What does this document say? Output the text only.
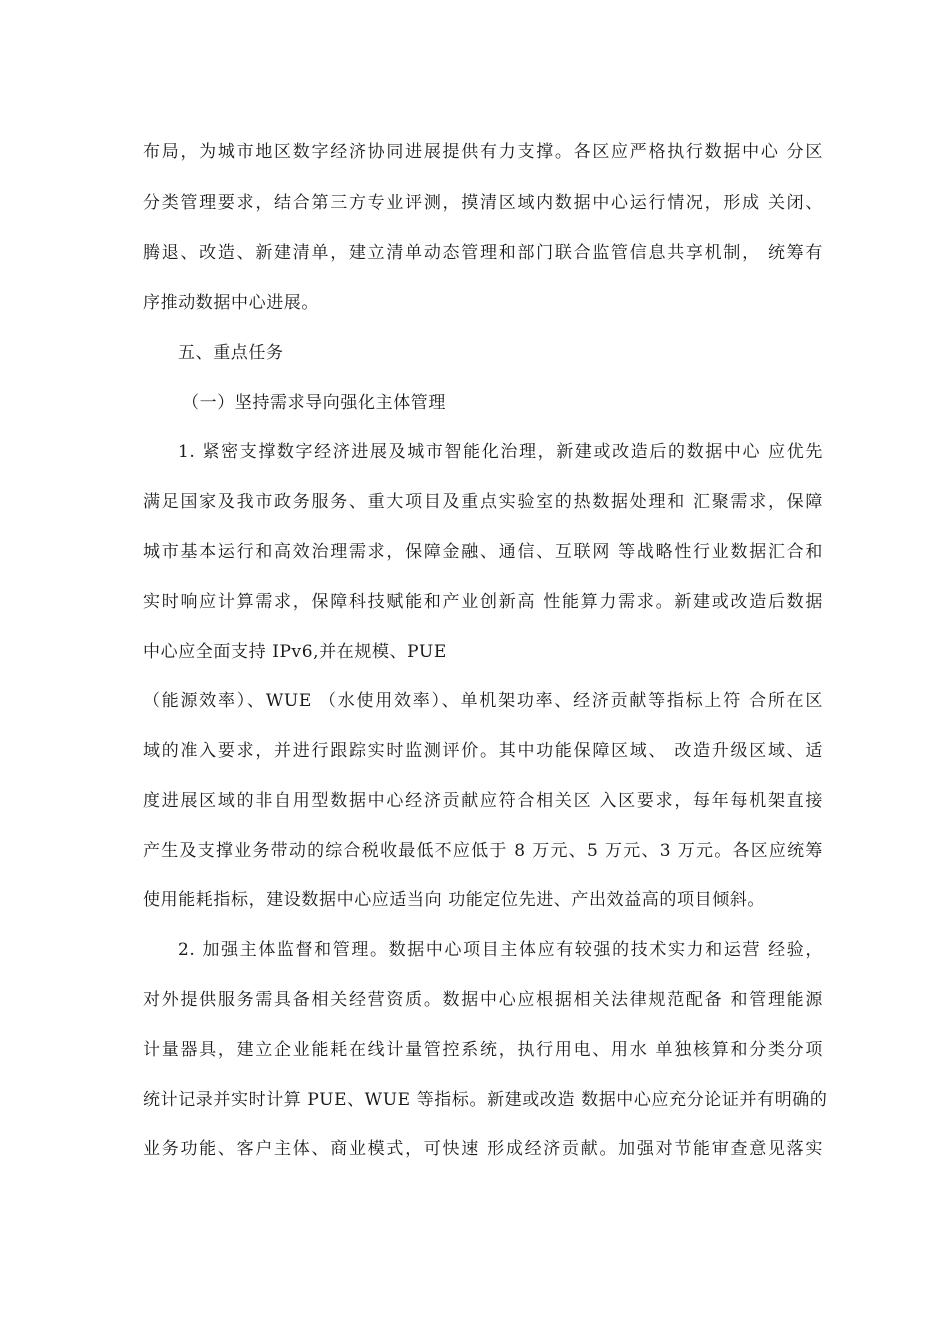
布局，为城市地区数字经济协同进展提供有力支撑。各区应严格执行数据中心 分区
分类管理要求，结合第三方专业评测，摸清区域内数据中心运行情况，形成 关闭、
腾退、改造、新建清单，建立清单动态管理和部门联合监管信息共享机制， 统筹有
序推动数据中心进展。
五、重点任务
（一）坚持需求导向强化主体管理
1. 紧密支撑数字经济进展及城市智能化治理，新建或改造后的数据中心 应优先
满足国家及我市政务服务、重大项目及重点实验室的热数据处理和 汇聚需求，保障
城市基本运行和高效治理需求，保障金融、通信、互联网 等战略性行业数据汇合和
实时响应计算需求，保障科技赋能和产业创新高 性能算力需求。新建或改造后数据
中心应全面支持 IPv6,并在规模、PUE
（能源效率）、WUE （水使用效率）、单机架功率、经济贡献等指标上符 合所在区
域的准入要求，并进行跟踪实时监测评价。其中功能保障区域、 改造升级区域、适
度进展区域的非自用型数据中心经济贡献应符合相关区 入区要求，每年每机架直接
产生及支撑业务带动的综合税收最低不应低于 8 万元、5 万元、3 万元。各区应统筹
使用能耗指标，建设数据中心应适当向 功能定位先进、产出效益高的项目倾斜。
2. 加强主体监督和管理。数据中心项目主体应有较强的技术实力和运营 经验，
对外提供服务需具备相关经营资质。数据中心应根据相关法律规范配备 和管理能源
计量器具，建立企业能耗在线计量管控系统，执行用电、用水 单独核算和分类分项
统计记录并实时计算 PUE、WUE 等指标。新建或改造 数据中心应充分论证并有明确的
业务功能、客户主体、商业模式，可快速 形成经济贡献。加强对节能审查意见落实
